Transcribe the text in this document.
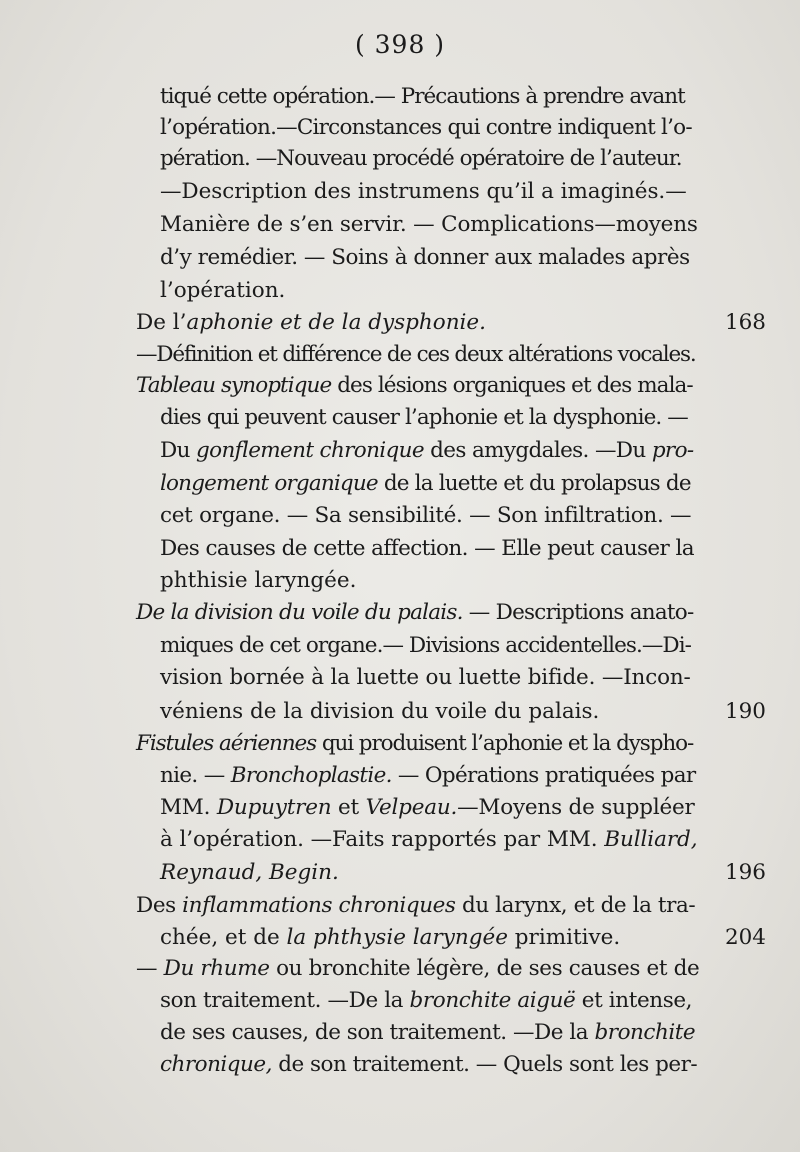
( 398 )
tiqué cette opération.— Précautions à prendre avant
l’opération.—Circonstances qui contre indiquent l’o-
pération. —Nouveau procédé opératoire de l’auteur.
—Description des instrumens qu’il a imaginés.—
Manière de s’en servir. — Complications—moyens
d’y remédier. — Soins à donner aux malades après
l’opération.
De l’aphonie et de la dysphonie.
—Définition et différence de ces deux altérations vocales.
Tableau synoptique des lésions organiques et des mala-
dies qui peuvent causer l’aphonie et la dysphonie. —
Du gonflement chronique des amygdales. —Du pro-
longement organique de la luette et du prolapsus de
cet organe. — Sa sensibilité. — Son infiltration. —
Des causes de cette affection. — Elle peut causer la
phthisie laryngée.
De la division du voile du palais. — Descriptions anato-
miques de cet organe.— Divisions accidentelles.—Di-
vision bornée à la luette ou luette bifide. —Incon-
véniens de la division du voile du palais.
Fistules aériennes qui produisent l’aphonie et la dyspho-
nie. — Bronchoplastie. — Opérations pratiquées par
MM. Dupuytren et Velpeau.—Moyens de suppléer
à l’opération. —Faits rapportés par MM. Bulliard,
Reynaud, Begin.
Des inflammations chroniques du larynx, et de la tra-
chée, et de la phthysie laryngée primitive.
— Du rhume ou bronchite légère, de ses causes et de
son traitement. —De la bronchite aiguë et intense,
de ses causes, de son traitement. —De la bronchite
chronique, de son traitement. — Quels sont les per-
168
190
196
204
